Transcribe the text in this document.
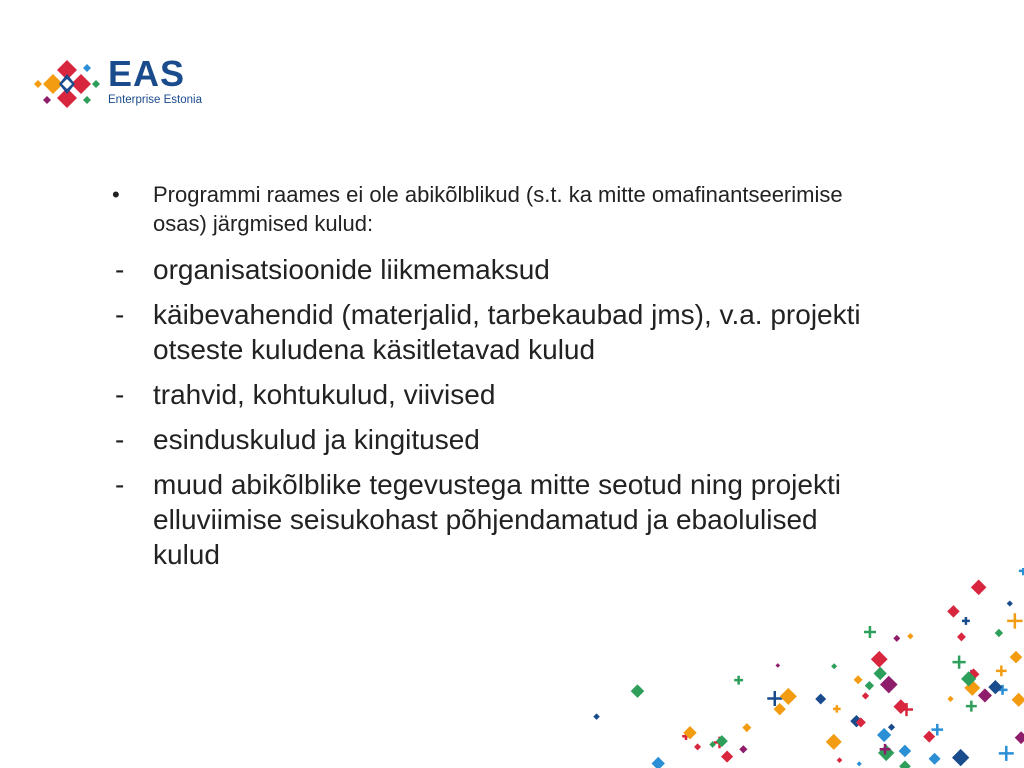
EAS
Enterprise Estonia
• Programmi raames ei ole abikõlblikud (s.t. ka mitte omafinantseerimise osas) järgmised kulud:
- organisatsioonide liikmemaksud
- käibevahendid (materjalid, tarbekaubad jms), v.a. projekti otseste kuludena käsitletavad kulud
- trahvid, kohtukulud, viivised
- esinduskulud ja kingitused
- muud abikõlblike tegevustega mitte seotud ning projekti elluviimise seisukohast põhjendamatud ja ebaolulised kulud
